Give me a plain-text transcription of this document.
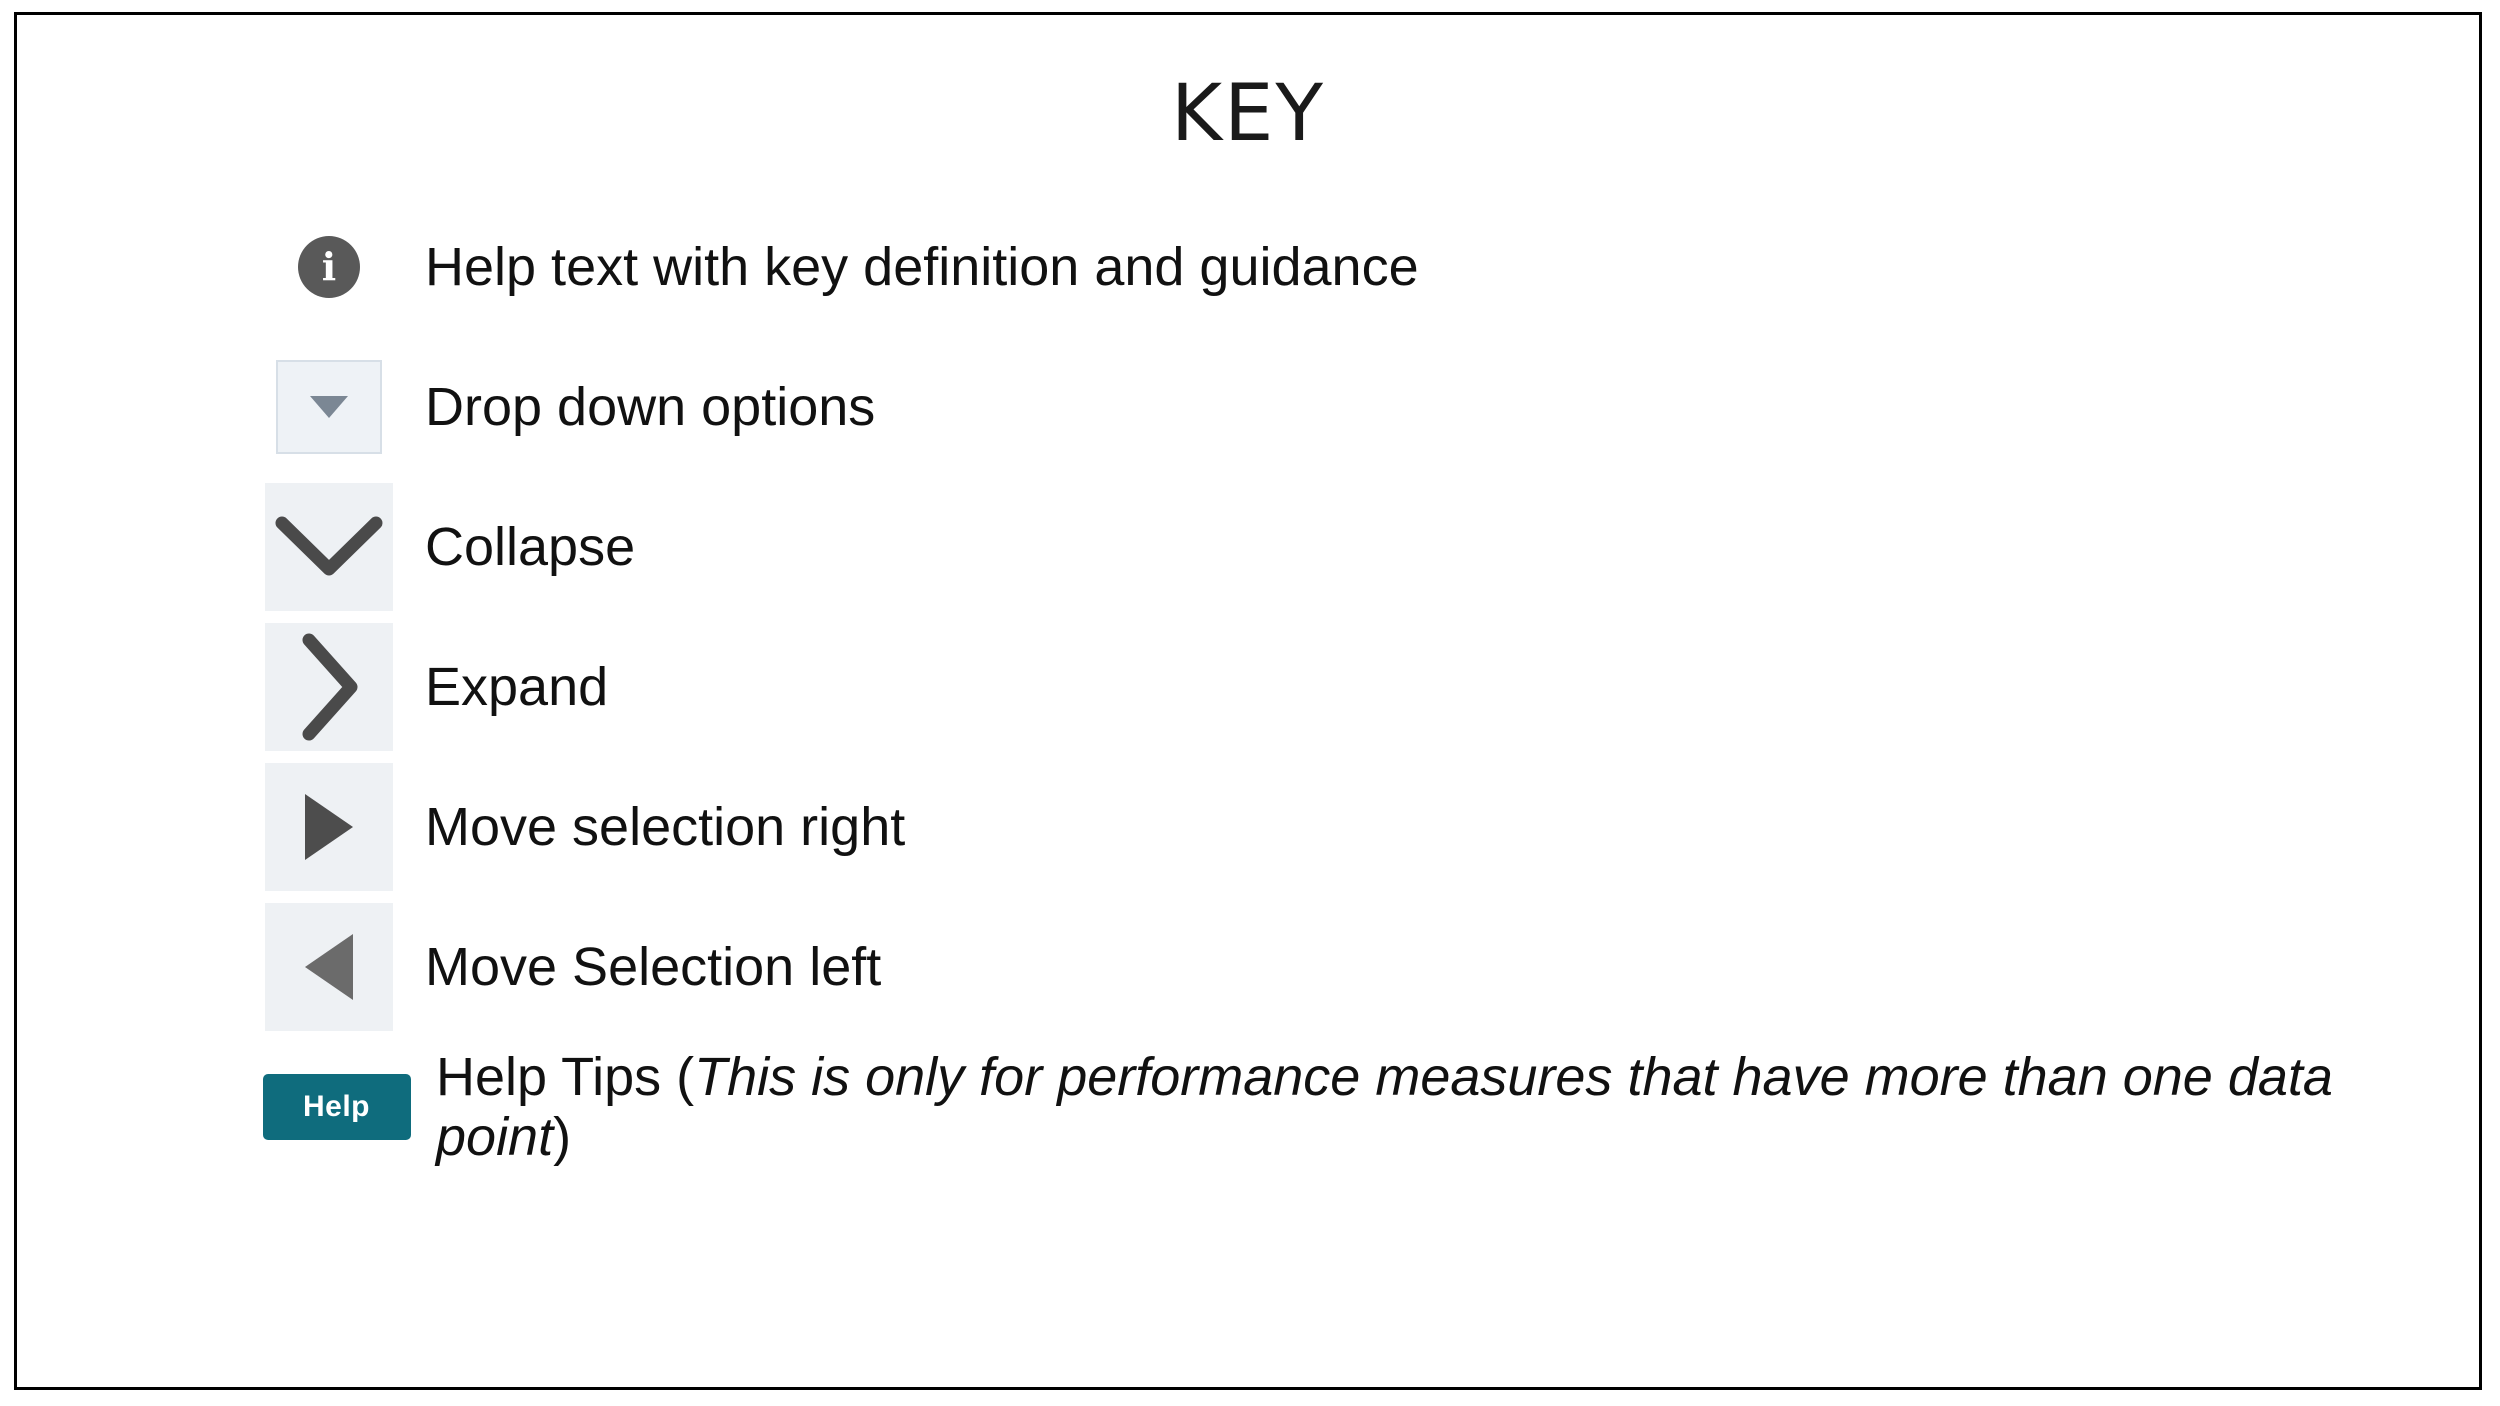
KEY
i	Help text with key definition and guidance
Drop down options
Collapse
Expand
Move selection right
Move Selection left
Help	Help Tips (This is only for performance measures that have more than one data point)
